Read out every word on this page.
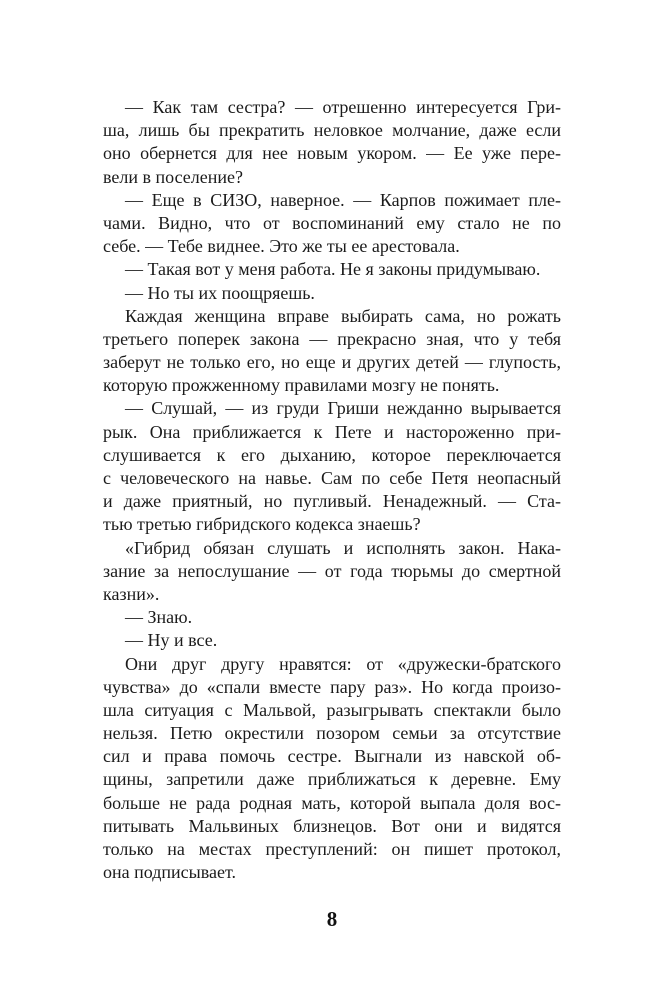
— Как там сестра? — отрешенно интересуется Гри-
ша, лишь бы прекратить неловкое молчание, даже если
оно обернется для нее новым укором. — Ее уже пере-
вели в поселение?
— Еще в СИЗО, наверное. — Карпов пожимает пле-
чами. Видно, что от воспоминаний ему стало не по
себе. — Тебе виднее. Это же ты ее арестовала.
— Такая вот у меня работа. Не я законы придумываю.
— Но ты их поощряешь.
Каждая женщина вправе выбирать сама, но рожать
третьего поперек закона — прекрасно зная, что у тебя
заберут не только его, но еще и других детей — глупость,
которую прожженному правилами мозгу не понять.
— Слушай, — из груди Гриши нежданно вырывается
рык. Она приближается к Пете и настороженно при-
слушивается к его дыханию, которое переключается
с человеческого на навье. Сам по себе Петя неопасный
и даже приятный, но пугливый. Ненадежный. — Ста-
тью третью гибридского кодекса знаешь?
«Гибрид обязан слушать и исполнять закон. Нака-
зание за непослушание — от года тюрьмы до смертной
казни».
— Знаю.
— Ну и все.
Они друг другу нравятся: от «дружески-братского
чувства» до «спали вместе пару раз». Но когда произо-
шла ситуация с Мальвой, разыгрывать спектакли было
нельзя. Петю окрестили позором семьи за отсутствие
сил и права помочь сестре. Выгнали из навской об-
щины, запретили даже приближаться к деревне. Ему
больше не рада родная мать, которой выпала доля вос-
питывать Мальвиных близнецов. Вот они и видятся
только на местах преступлений: он пишет протокол,
она подписывает.
8
